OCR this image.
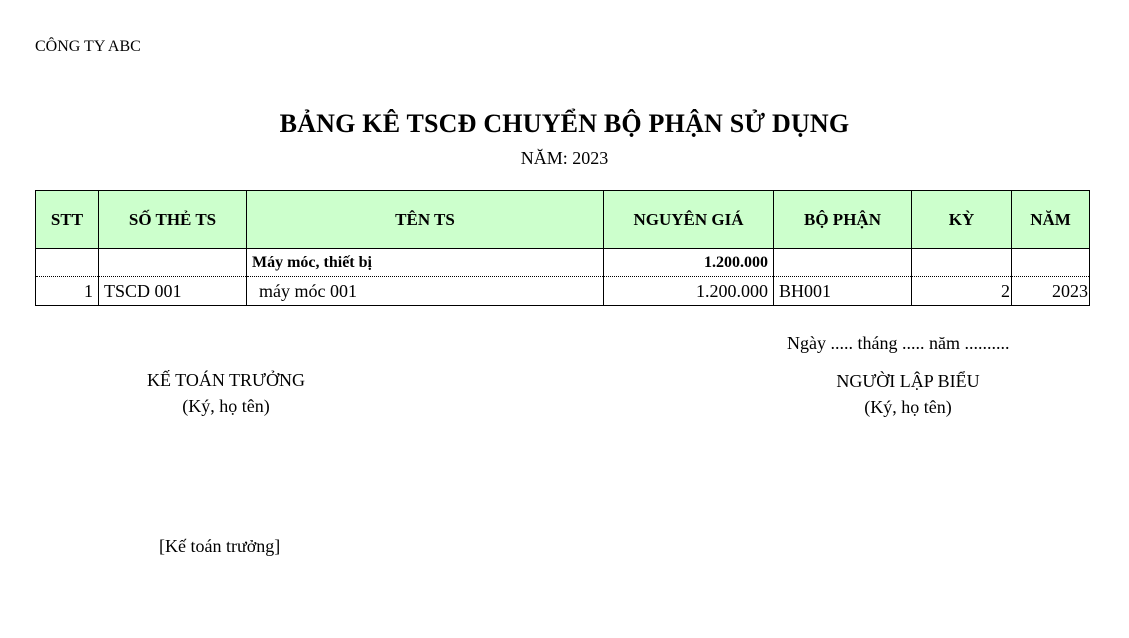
CÔNG TY ABC
BẢNG KÊ TSCĐ CHUYỂN BỘ PHẬN SỬ DỤNG
NĂM: 2023
STT	SỐ THẺ TS	TÊN TS	NGUYÊN GIÁ	BỘ PHẬN	KỲ	NĂM
		Máy móc, thiết bị	1.200.000			
1	TSCD 001	máy móc 001	1.200.000	BH001	2	2023
Ngày ..... tháng ..... năm ..........
KẾ TOÁN TRƯỞNG
(Ký, họ tên)
NGƯỜI LẬP BIỂU
(Ký, họ tên)
[Kế toán trưởng]
